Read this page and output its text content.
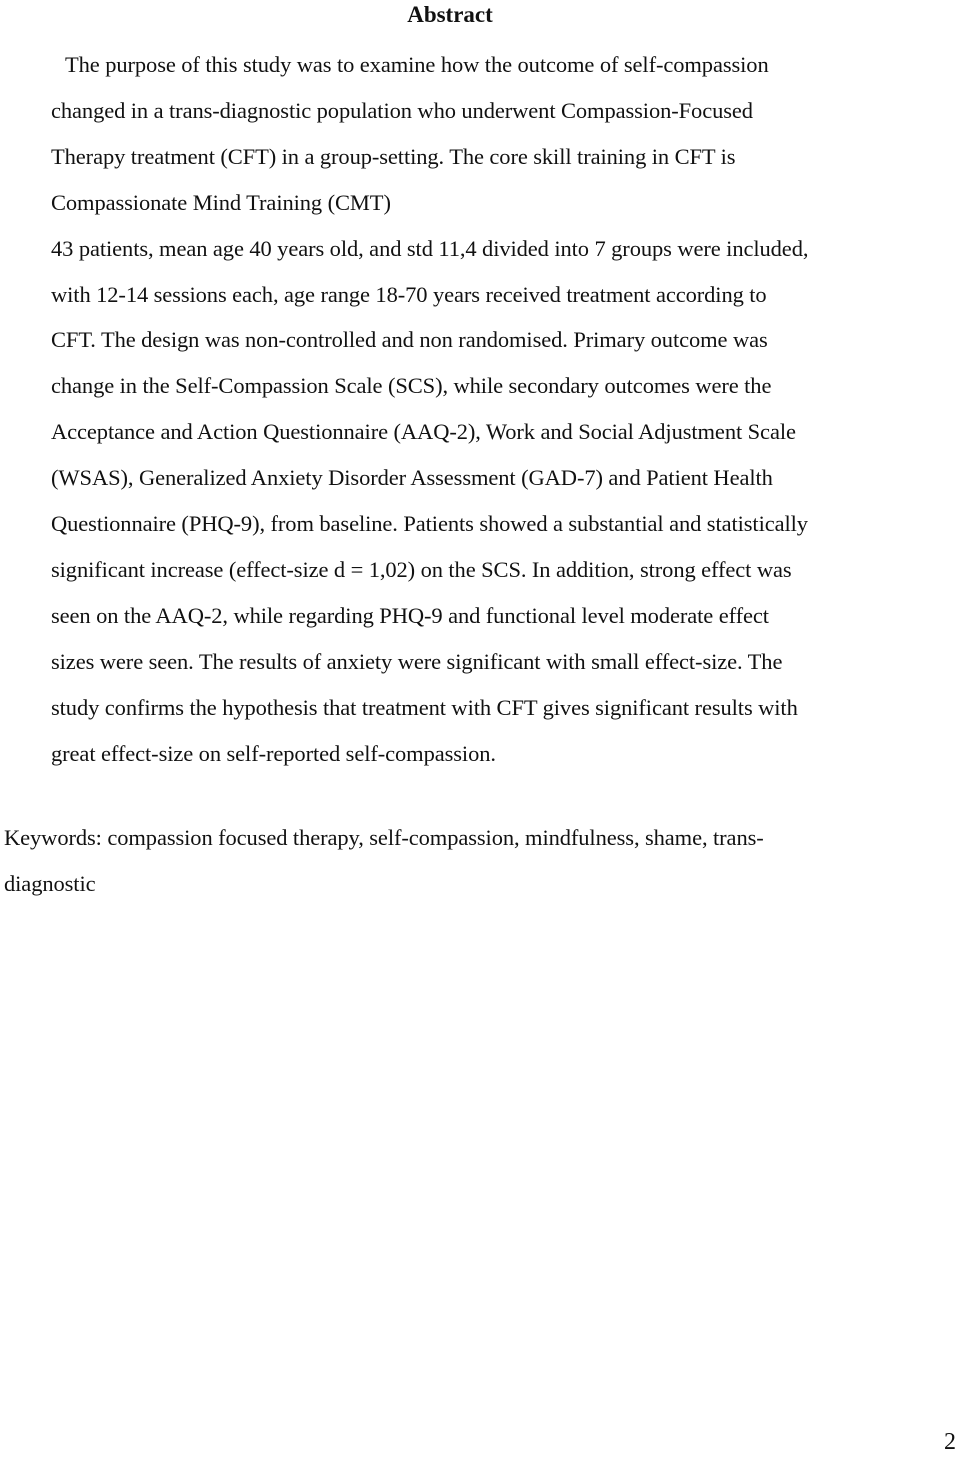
Abstract
The purpose of this study was to examine how the outcome of self-compassion
changed in a trans-diagnostic population who underwent Compassion-Focused
Therapy treatment (CFT) in a group-setting. The core skill training in CFT is
Compassionate Mind Training (CMT)
43 patients, mean age 40 years old, and std 11,4 divided into 7 groups were included,
with 12-14 sessions each, age range 18-70 years received treatment according to
CFT. The design was non-controlled and non randomised. Primary outcome was
change in the Self-Compassion Scale (SCS), while secondary outcomes were the
Acceptance and Action Questionnaire (AAQ-2), Work and Social Adjustment Scale
(WSAS), Generalized Anxiety Disorder Assessment (GAD-7) and Patient Health
Questionnaire (PHQ-9), from baseline. Patients showed a substantial and statistically
significant increase (effect-size d = 1,02) on the SCS. In addition, strong effect was
seen on the AAQ-2, while regarding PHQ-9 and functional level moderate effect
sizes were seen. The results of anxiety were significant with small effect-size. The
study confirms the hypothesis that treatment with CFT gives significant results with
great effect-size on self-reported self-compassion.
Keywords: compassion focused therapy, self-compassion, mindfulness, shame, trans-
diagnostic
2
